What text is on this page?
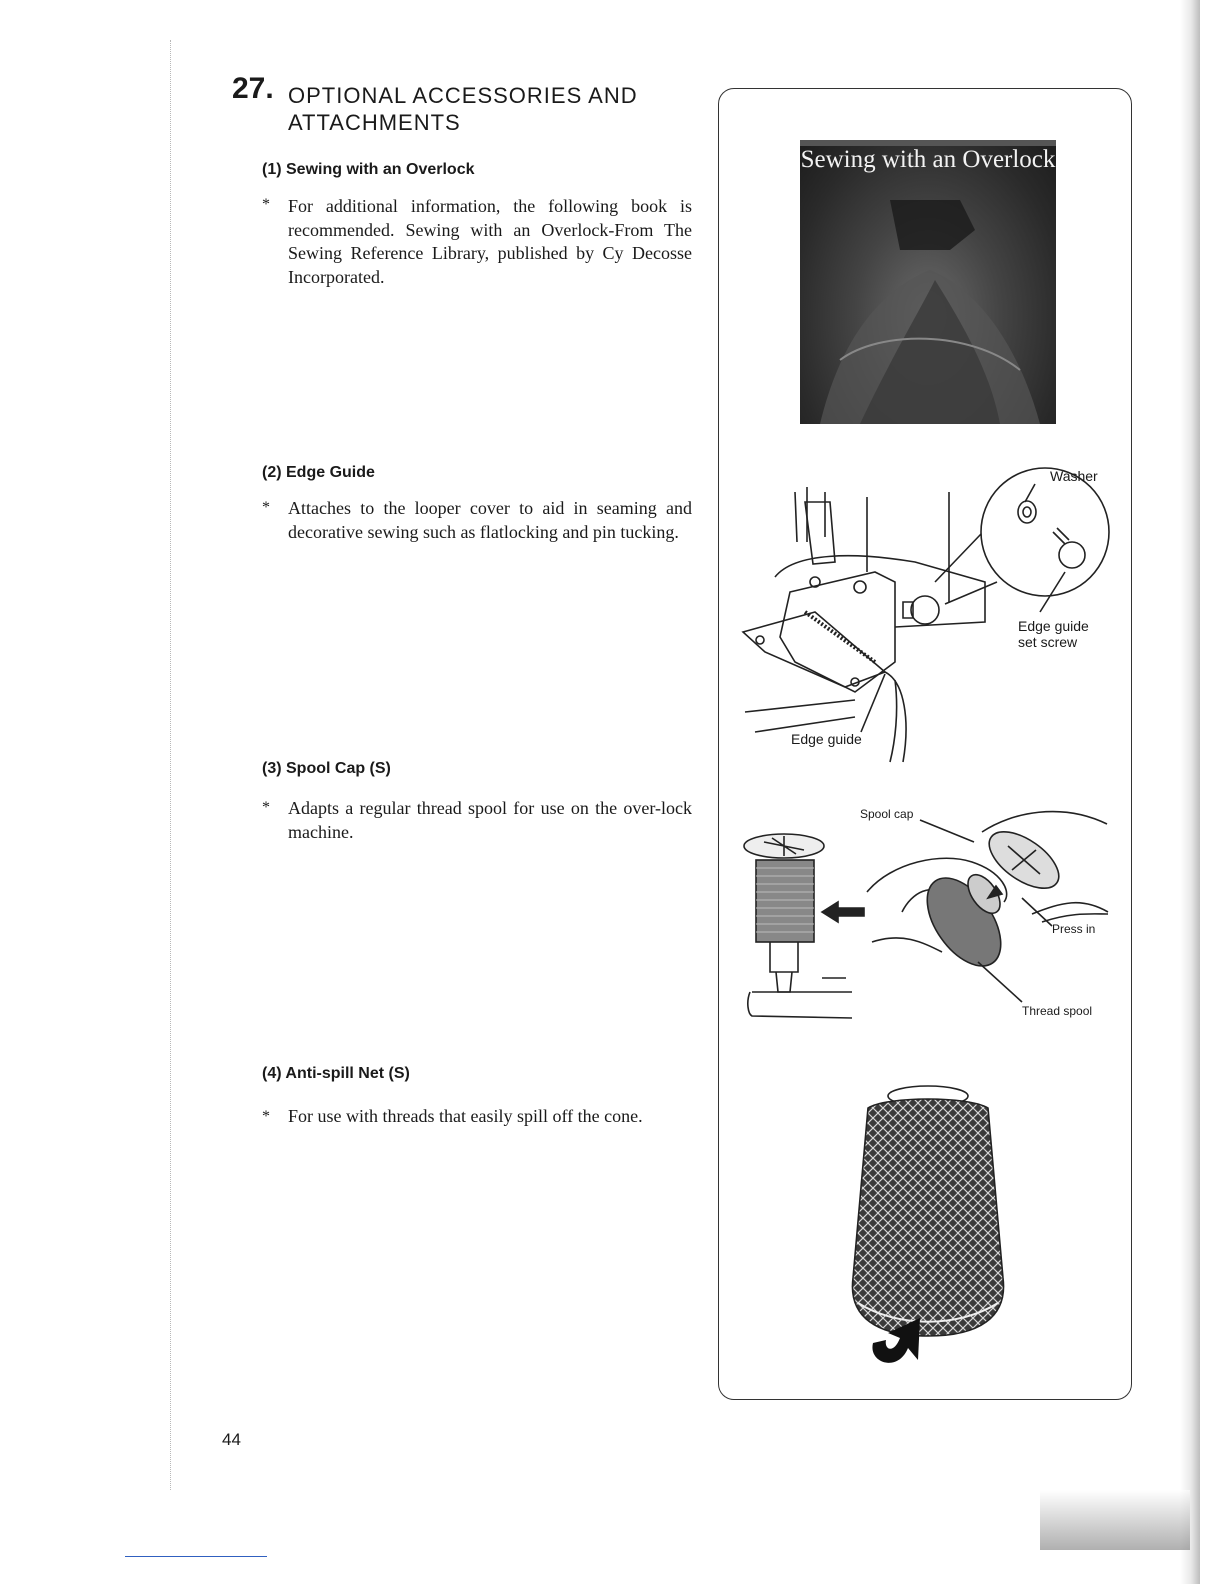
27. OPTIONAL ACCESSORIES AND ATTACHMENTS
(1) Sewing with an Overlock
* For additional information, the following book is recommended. Sewing with an Overlock-From The Sewing Reference Library, published by Cy Decosse Incorporated.
(2) Edge Guide
* Attaches to the looper cover to aid in seaming and decorative sewing such as flatlocking and pin tucking.
(3) Spool Cap (S)
* Adapts a regular thread spool for use on the over-lock machine.
(4) Anti-spill Net (S)
* For use with threads that easily spill off the cone.
44
Sewing with an Overlock
Washer
Edge guide
set screw
Edge guide
Spool cap
Press in
Thread spool
